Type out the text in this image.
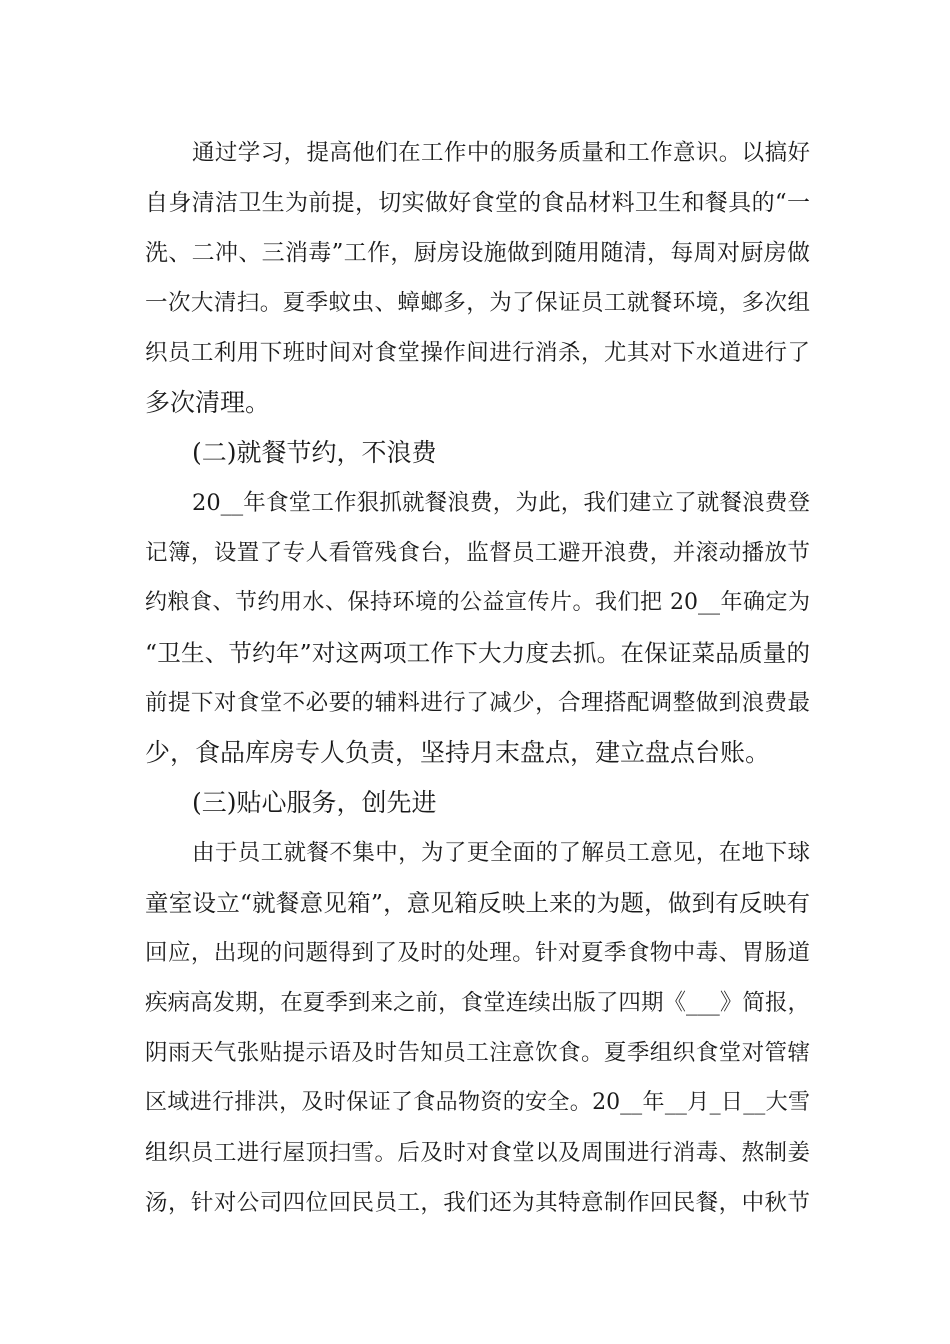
通过学习，提高他们在工作中的服务质量和工作意识。以搞好
自身清洁卫生为前提，切实做好食堂的食品材料卫生和餐具的“一
洗、二冲、三消毒”工作，厨房设施做到随用随清，每周对厨房做
一次大清扫。夏季蚊虫、蟑螂多，为了保证员工就餐环境，多次组
织员工利用下班时间对食堂操作间进行消杀，尤其对下水道进行了
多次清理。
(二)就餐节约，不浪费
20__年食堂工作狠抓就餐浪费，为此，我们建立了就餐浪费登
记簿，设置了专人看管残食台，监督员工避开浪费，并滚动播放节
约粮食、节约用水、保持环境的公益宣传片。我们把 20__年确定为
“卫生、节约年”对这两项工作下大力度去抓。在保证菜品质量的
前提下对食堂不必要的辅料进行了减少，合理搭配调整做到浪费最
少，食品库房专人负责，坚持月末盘点，建立盘点台账。
(三)贴心服务，创先进
由于员工就餐不集中，为了更全面的了解员工意见，在地下球
童室设立“就餐意见箱”，意见箱反映上来的为题，做到有反映有
回应，出现的问题得到了及时的处理。针对夏季食物中毒、胃肠道
疾病高发期，在夏季到来之前，食堂连续出版了四期《___》简报，
阴雨天气张贴提示语及时告知员工注意饮食。夏季组织食堂对管辖
区域进行排洪，及时保证了食品物资的安全。20__年__月_日__大雪
组织员工进行屋顶扫雪。后及时对食堂以及周围进行消毒、熬制姜
汤，针对公司四位回民员工，我们还为其特意制作回民餐，中秋节
